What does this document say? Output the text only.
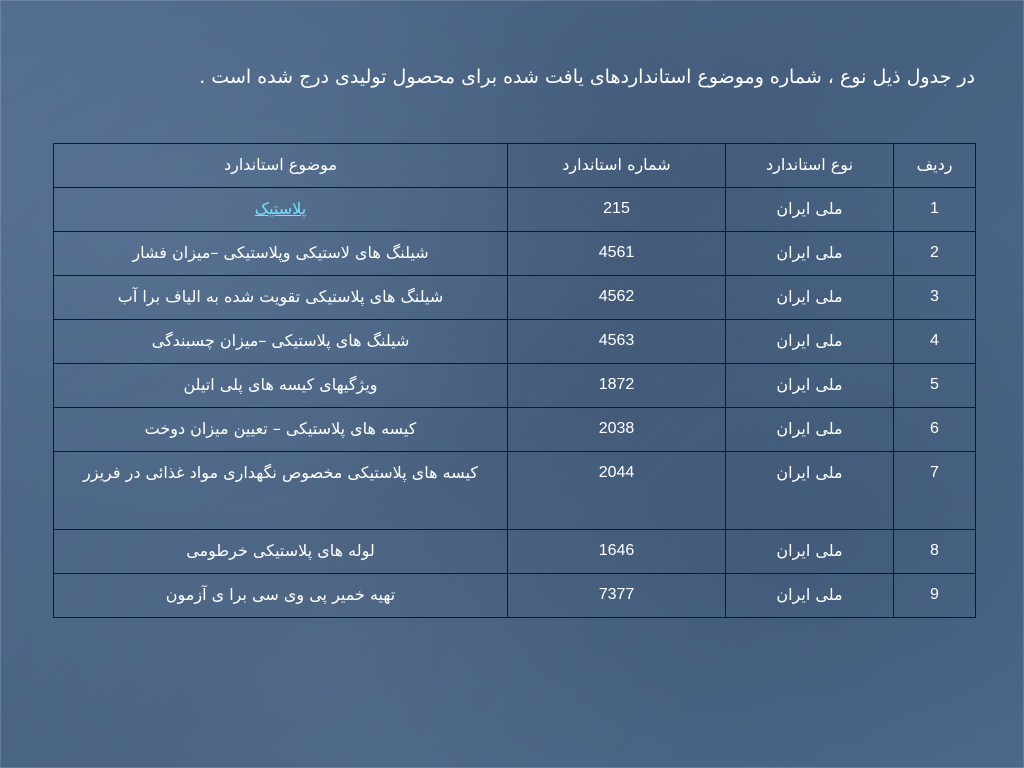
در جدول ذیل نوع ، شماره وموضوع استانداردهای یافت شده برای محصول تولیدی درج شده است .
ردیف	نوع استاندارد	شماره استاندارد	موضوع استاندارد
1	ملی ایران	215	پلاستیک
2	ملی ایران	4561	شیلنگ های لاستیکی وپلاستیکی –میزان فشار
3	ملی ایران	4562	شیلنگ های پلاستیکی تقویت شده به الیاف برا آب
4	ملی ایران	4563	شیلنگ های پلاستیکی –میزان چسبندگی
5	ملی ایران	1872	ویژگیهای کیسه های پلی اتیلن
6	ملی ایران	2038	کیسه های پلاستیکی – تعیین میزان دوخت
7	ملی ایران	2044	کیسه های پلاستیکی مخصوص نگهداری مواد غذائی در فریزر
8	ملی ایران	1646	لوله های پلاستیکی خرطومی
9	ملی ایران	7377	تهیه خمیر پی وی سی برا ی آزمون
